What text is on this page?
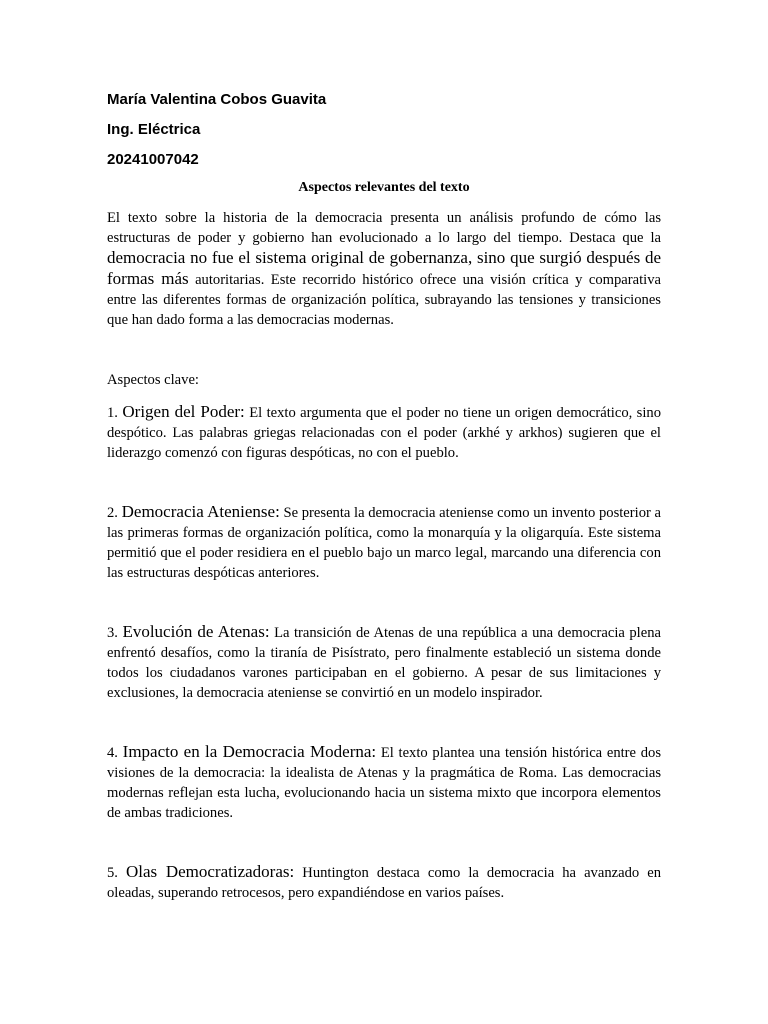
María Valentina Cobos Guavita
Ing. Eléctrica
20241007042
Aspectos relevantes del texto

El texto sobre la historia de la democracia presenta un análisis profundo de cómo las estructuras de poder y gobierno han evolucionado a lo largo del tiempo. Destaca que la democracia no fue el sistema original de gobernanza, sino que surgió después de formas más autoritarias. Este recorrido histórico ofrece una visión crítica y comparativa entre las diferentes formas de organización política, subrayando las tensiones y transiciones que han dado forma a las democracias modernas.

Aspectos clave:

1. Origen del Poder: El texto argumenta que el poder no tiene un origen democrático, sino despótico. Las palabras griegas relacionadas con el poder (arkhé y arkhos) sugieren que el liderazgo comenzó con figuras despóticas, no con el pueblo.

2. Democracia Ateniense: Se presenta la democracia ateniense como un invento posterior a las primeras formas de organización política, como la monarquía y la oligarquía. Este sistema permitió que el poder residiera en el pueblo bajo un marco legal, marcando una diferencia con las estructuras despóticas anteriores.

3. Evolución de Atenas: La transición de Atenas de una república a una democracia plena enfrentó desafíos, como la tiranía de Pisístrato, pero finalmente estableció un sistema donde todos los ciudadanos varones participaban en el gobierno. A pesar de sus limitaciones y exclusiones, la democracia ateniense se convirtió en un modelo inspirador.

4. Impacto en la Democracia Moderna: El texto plantea una tensión histórica entre dos visiones de la democracia: la idealista de Atenas y la pragmática de Roma. Las democracias modernas reflejan esta lucha, evolucionando hacia un sistema mixto que incorpora elementos de ambas tradiciones.

5. Olas Democratizadoras: Huntington destaca como la democracia ha avanzado en oleadas, superando retrocesos, pero expandiéndose en varios países.
